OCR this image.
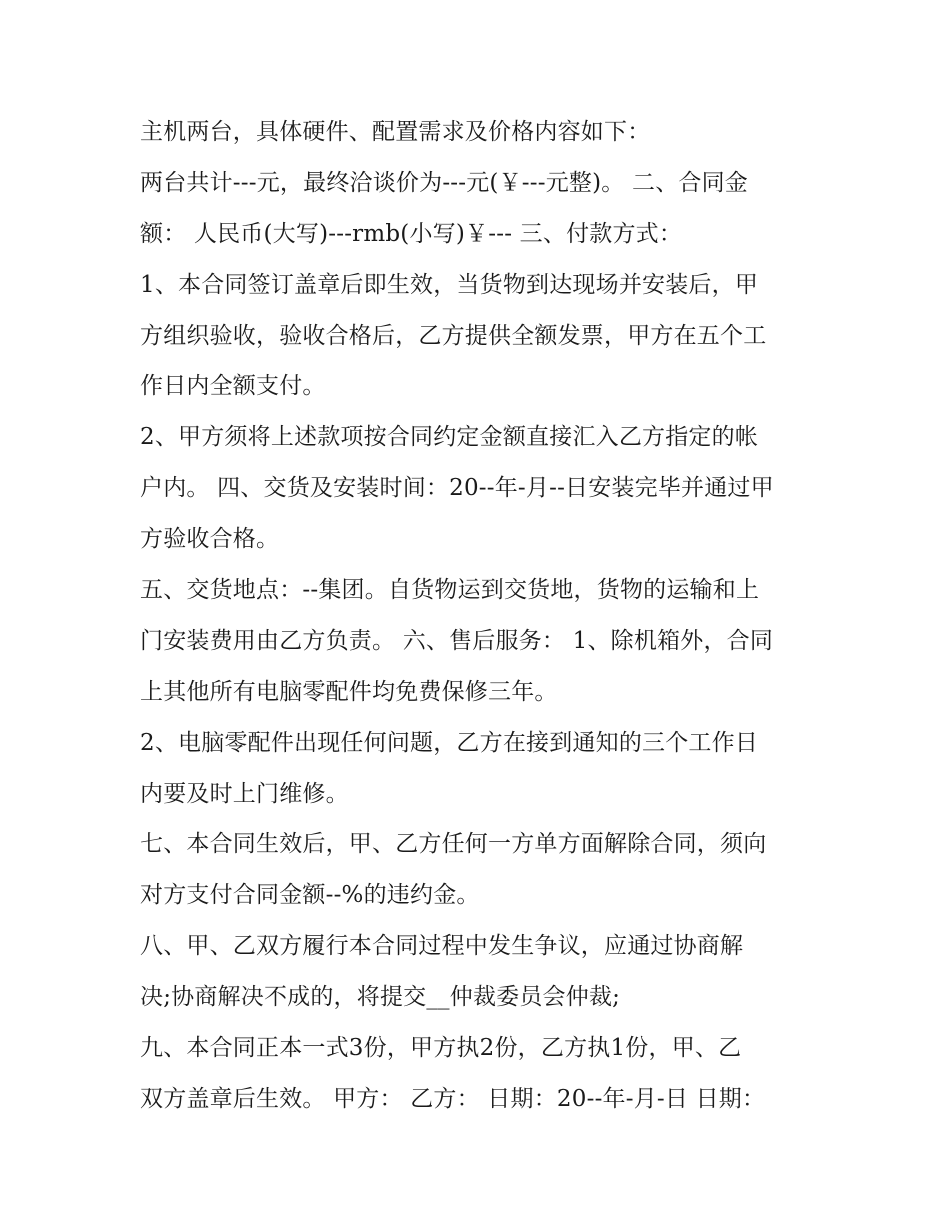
主机两台，具体硬件、配置需求及价格内容如下：
两台共计---元，最终洽谈价为---元(￥---元整)。 二、合同金
额： 人民币(大写)---rmb(小写)￥--- 三、付款方式：
1、本合同签订盖章后即生效，当货物到达现场并安装后，甲
方组织验收，验收合格后，乙方提供全额发票，甲方在五个工
作日内全额支付。
2、甲方须将上述款项按合同约定金额直接汇入乙方指定的帐
户内。 四、交货及安装时间：20--年-月--日安装完毕并通过甲
方验收合格。
五、交货地点：--集团。自货物运到交货地，货物的运输和上
门安装费用由乙方负责。 六、售后服务： 1、除机箱外，合同
上其他所有电脑零配件均免费保修三年。
2、电脑零配件出现任何问题，乙方在接到通知的三个工作日
内要及时上门维修。
七、本合同生效后，甲、乙方任何一方单方面解除合同，须向
对方支付合同金额--%的违约金。
八、甲、乙双方履行本合同过程中发生争议，应通过协商解
决;协商解决不成的，将提交__仲裁委员会仲裁;
九、本合同正本一式3份，甲方执2份，乙方执1份，甲、乙
双方盖章后生效。 甲方： 乙方： 日期：20--年-月-日 日期：
